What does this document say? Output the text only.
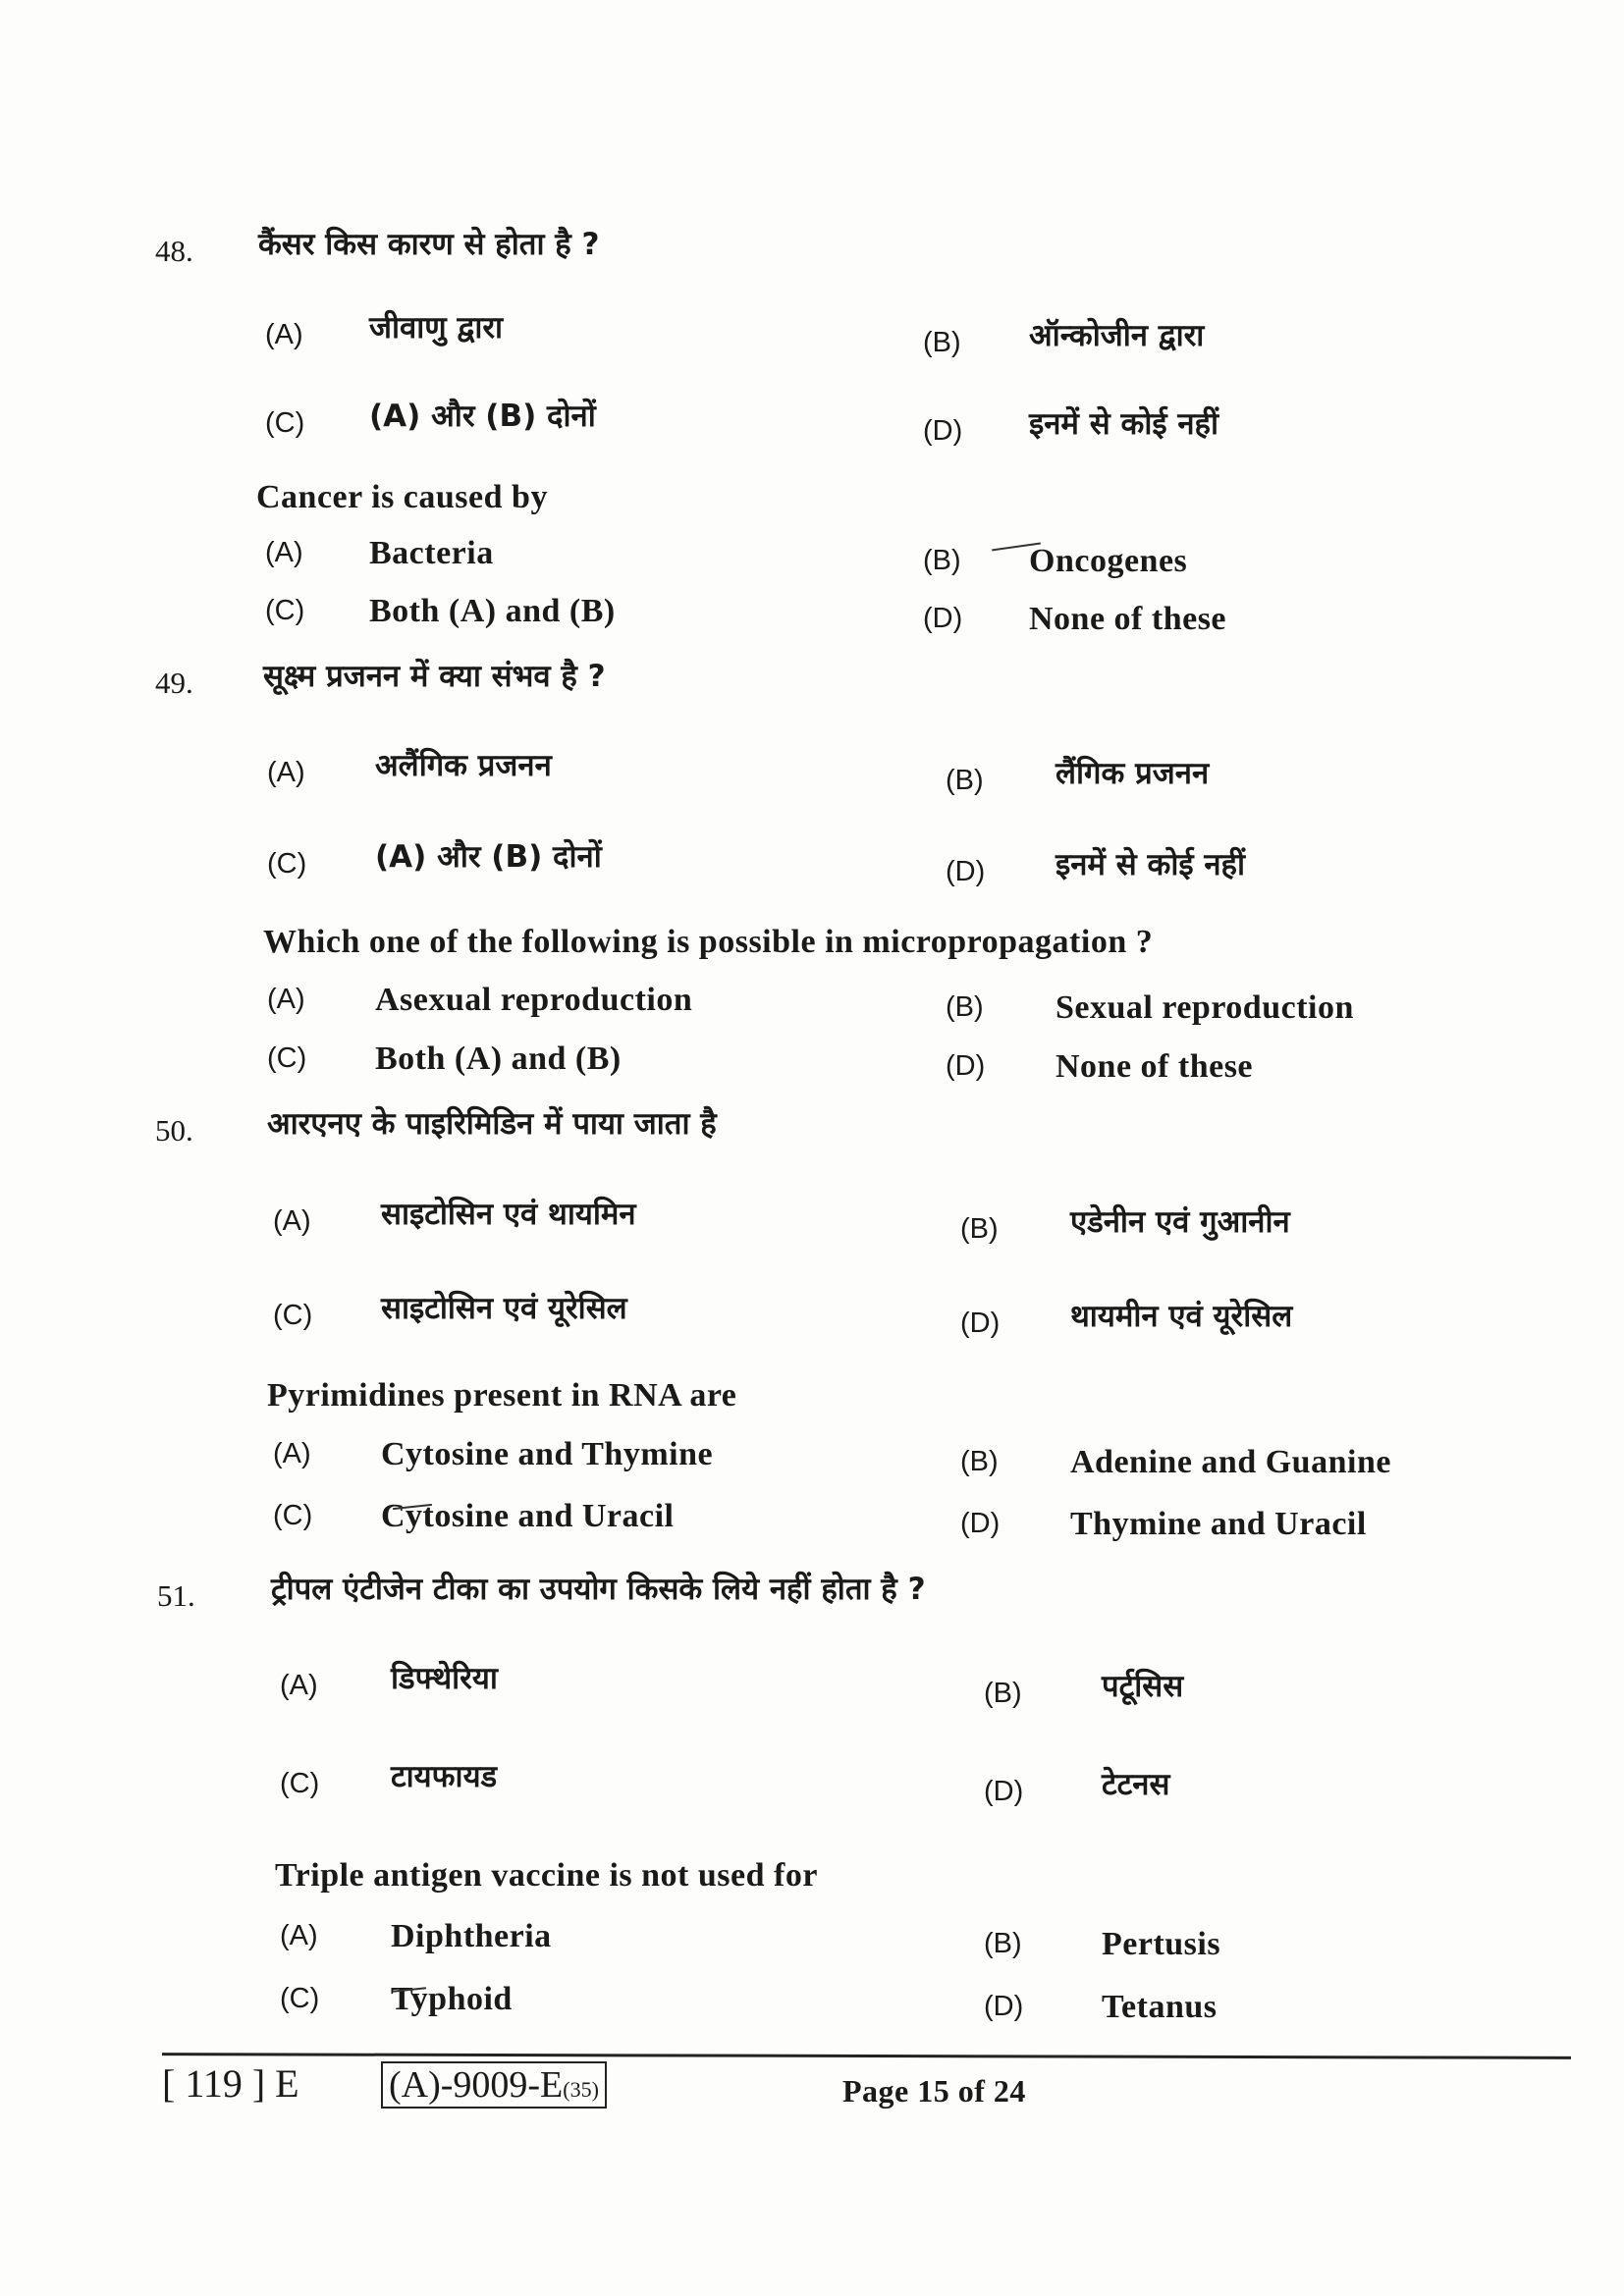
48. कैंसर किस कारण से होता है ?
(A) जीवाणु द्वारा	(B) ऑन्कोजीन द्वारा
(C) (A) और (B) दोनों	(D) इनमें से कोई नहीं
(A) Bacteria	(B) Oncogenes
(C) Both (A) and (B)	(D) None of these
Cancer is caused by
49. सूक्ष्म प्रजनन में क्या संभव है ?
(A) अलैंगिक प्रजनन	(B) लैंगिक प्रजनन
(C) (A) और (B) दोनों	(D) इनमें से कोई नहीं
(A) Asexual reproduction	(B) Sexual reproduction
(C) Both (A) and (B)	(D) None of these
Which one of the following is possible in micropropagation ?
50. आरएनए के पाइरिमिडिन में पाया जाता है
(A) साइटोसिन एवं थायमिन	(B) एडेनीन एवं गुआनीन
(C) साइटोसिन एवं यूरेसिल	(D) थायमीन एवं यूरेसिल
(A) Cytosine and Thymine	(B) Adenine and Guanine
(C) Cytosine and Uracil	(D) Thymine and Uracil
Pyrimidines present in RNA are
51. ट्रीपल एंटीजेन टीका का उपयोग किसके लिये नहीं होता है ?
(A) डिफ्थेरिया	(B)	पर्टूसिस
(C) टायफायड	(D)	टेटनस
(A) Diphtheria	(B) Pertusis
(C) Typhoid	(D) Tetanus
Triple antigen vaccine is not used for
[ 119 ] E (A)-9009-E(35)	Page 15 of 24
